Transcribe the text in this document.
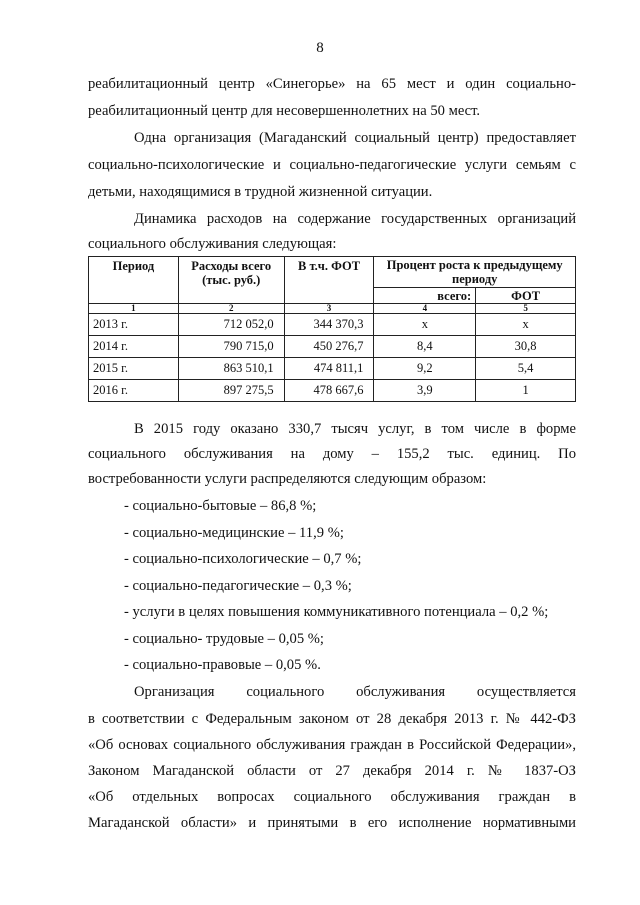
8
реабилитационный центр «Синегорье» на 65 мест и один социально-
реабилитационный центр для несовершеннолетних на 50 мест.
Одна организация (Магаданский социальный центр) предоставляет
социально-психологические и социально-педагогические услуги семьям с
детьми, находящимися в трудной жизненной ситуации.
Динамика расходов на содержание государственных организаций
социального обслуживания следующая:
Период	Расходы всего (тыс. руб.)	В т.ч. ФОТ	Процент роста к предыдущему периоду	
			всего:	ФОТ
1	2	3	4	5
2013 г.	712 052,0	344 370,3	х	х
2014 г.	790 715,0	450 276,7	8,4	30,8
2015 г.	863 510,1	474 811,1	9,2	5,4
2016 г.	897 275,5	478 667,6	3,9	1
В 2015 году оказано 330,7 тысяч услуг, в том числе в форме
социального обслуживания на дому – 155,2 тыс. единиц. По
востребованности услуги распределяются следующим образом:
- социально-бытовые – 86,8 %;
- социально-медицинские – 11,9 %;
- социально-психологические – 0,7 %;
- социально-педагогические – 0,3 %;
- услуги в целях повышения коммуникативного потенциала – 0,2 %;
- социально- трудовые – 0,05 %;
- социально-правовые – 0,05 %.
Организация социального обслуживания осуществляется
в соответствии с Федеральным законом от 28 декабря 2013 г. № 442-ФЗ
«Об основах социального обслуживания граждан в Российской Федерации»,
Законом Магаданской области от 27 декабря 2014 г. № 1837-ОЗ
«Об отдельных вопросах социального обслуживания граждан в
Магаданской области» и принятыми в его исполнение нормативными
